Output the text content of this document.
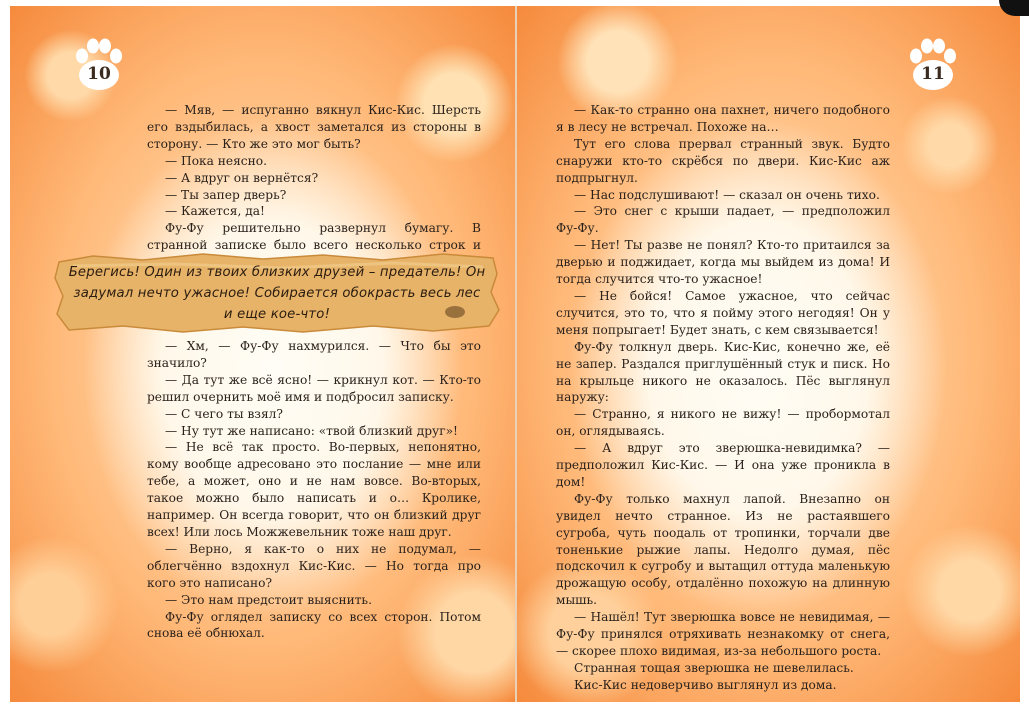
10

— Мяв, — испуганно вякнул Кис-Кис. Шерсть его вздыбилась, а хвост заметался из стороны в сторону. — Кто же это мог быть?

— Пока неясно.

— А вдруг он вернётся?

— Ты запер дверь?

— Кажется, да!

Фу-Фу решительно развернул бумагу. В странной записке было всего несколько строк и

Берегись! Один из твоих близких друзей – предатель! Он задумал нечто ужасное! Собирается обокрасть весь лес и еще кое-что!

— Хм, — Фу-Фу нахмурился. — Что бы это значило?

— Да тут же всё ясно! — крикнул кот. — Кто-то решил очернить моё имя и подбросил записку.

— С чего ты взял?

— Ну тут же написано: «твой близкий друг»!

— Не всё так просто. Во-первых, непонятно, кому вообще адресовано это послание — мне или тебе, а может, оно и не нам вовсе. Во-вторых, такое можно было написать и о… Кролике, например. Он всегда говорит, что он близкий друг всех! Или лось Можжевельник тоже наш друг.

— Верно, я как-то о них не подумал, — облегчённо вздохнул Кис-Кис. — Но тогда про кого это написано?

— Это нам предстоит выяснить.

Фу-Фу оглядел записку со всех сторон. Потом снова её обнюхал.

11

— Как-то странно она пахнет, ничего подобного я в лесу не встречал. Похоже на…

Тут его слова прервал странный звук. Будто снаружи кто-то скрёбся по двери. Кис-Кис аж подпрыгнул.

— Нас подслушивают! — сказал он очень тихо.

— Это снег с крыши падает, — предположил Фу-Фу.

— Нет! Ты разве не понял? Кто-то притаился за дверью и поджидает, когда мы выйдем из дома! И тогда случится что-то ужасное!

— Не бойся! Самое ужасное, что сейчас случится, это то, что я пойму этого негодяя! Он у меня попрыгает! Будет знать, с кем связывается!

Фу-Фу толкнул дверь. Кис-Кис, конечно же, её не запер. Раздался приглушённый стук и писк. Но на крыльце никого не оказалось. Пёс выглянул наружу:

— Странно, я никого не вижу! — пробормотал он, оглядываясь.

— А вдруг это зверюшка-невидимка? — предположил Кис-Кис. — И она уже проникла в дом!

Фу-Фу только махнул лапой. Внезапно он увидел нечто странное. Из не растаявшего сугроба, чуть поодаль от тропинки, торчали две тоненькие рыжие лапы. Недолго думая, пёс подскочил к сугробу и вытащил оттуда маленькую дрожащую особу, отдалённо похожую на длинную мышь.

— Нашёл! Тут зверюшка вовсе не невидимая, — Фу-Фу принялся отряхивать незнакомку от снега, — скорее плохо видимая, из-за небольшого роста.

Странная тощая зверюшка не шевелилась.

Кис-Кис недоверчиво выглянул из дома.
